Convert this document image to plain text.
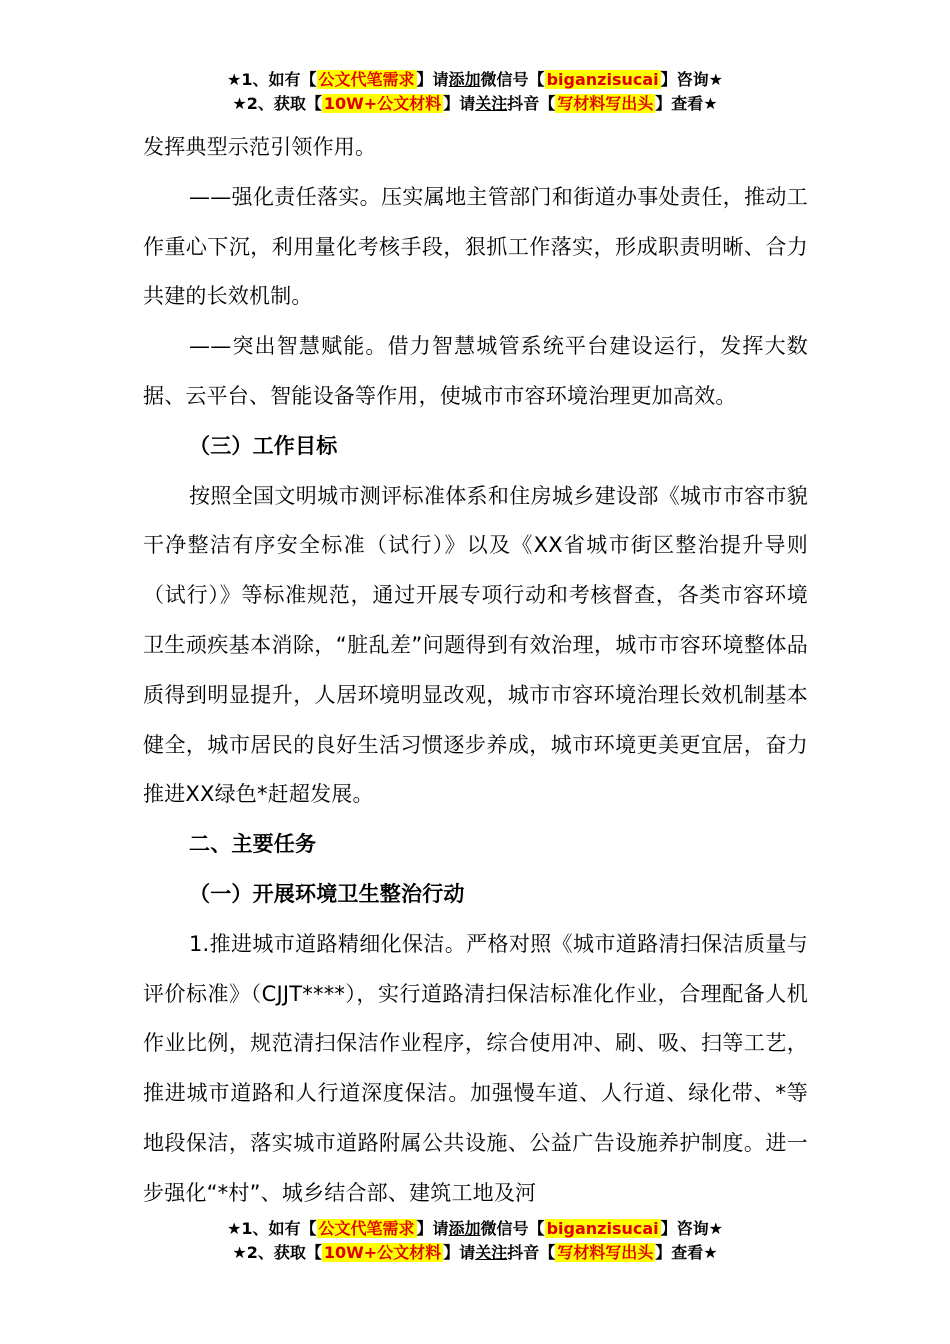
★1、如有【 公文代笔需求 】请添加微信号【 biganzisucai 】咨询★
★2、获取【 10W+公文材料 】请关注抖音【 写材料写出头 】查看★

发挥典型示范引领作用。

——强化责任落实。压实属地主管部门和街道办事处责任，推动工作重心下沉，利用量化考核手段，狠抓工作落实，形成职责明晰、合力共建的长效机制。

——突出智慧赋能。借力智慧城管系统平台建设运行，发挥大数据、云平台、智能设备等作用，使城市市容环境治理更加高效。

（三）工作目标

按照全国文明城市测评标准体系和住房城乡建设部《城市市容市貌干净整洁有序安全标准（试行）》以及《XX省城市街区整治提升导则（试行）》等标准规范，通过开展专项行动和考核督查，各类市容环境卫生顽疾基本消除，“脏乱差”问题得到有效治理，城市市容环境整体品质得到明显提升，人居环境明显改观，城市市容环境治理长效机制基本健全，城市居民的良好生活习惯逐步养成，城市环境更美更宜居，奋力推进XX绿色*赶超发展。

二、主要任务

（一）开展环境卫生整治行动

1.推进城市道路精细化保洁。严格对照《城市道路清扫保洁质量与评价标准》（CJJT****），实行道路清扫保洁标准化作业，合理配备人机作业比例，规范清扫保洁作业程序，综合使用冲、刷、吸、扫等工艺，推进城市道路和人行道深度保洁。加强慢车道、人行道、绿化带、*等地段保洁，落实城市道路附属公共设施、公益广告设施养护制度。进一步强化“*村”、城乡结合部、建筑工地及河

★1、如有【 公文代笔需求 】请添加微信号【 biganzisucai 】咨询★
★2、获取【 10W+公文材料 】请关注抖音【 写材料写出头 】查看★
